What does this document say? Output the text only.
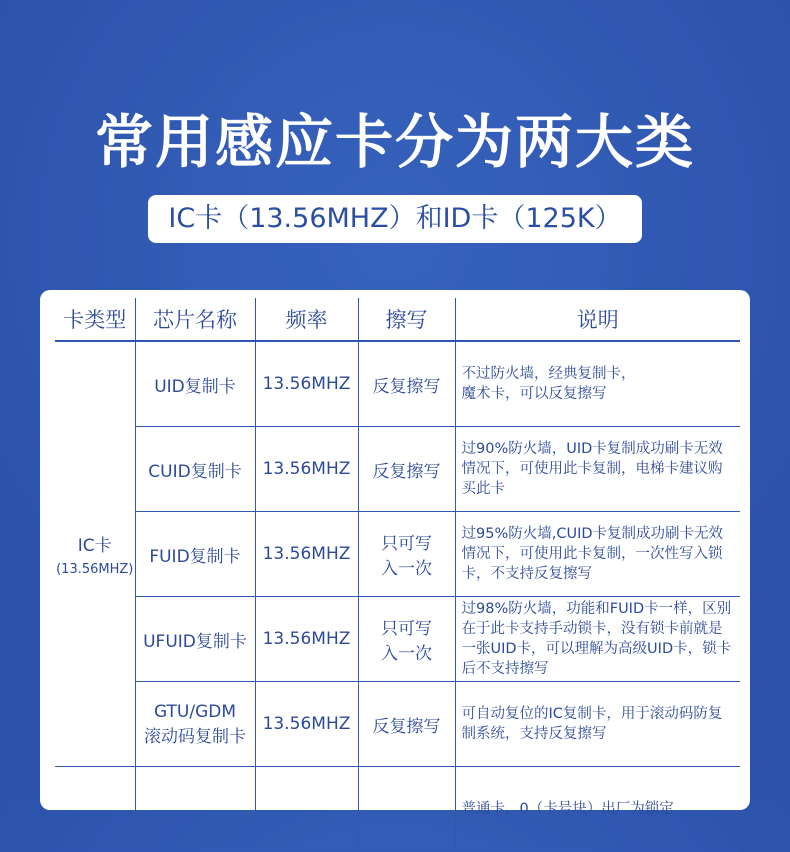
常用感应卡分为两大类
IC卡（13.56MHZ）和ID卡（125K）
卡类型	芯片名称	频率	擦写	说明
IC卡
(13.56MHZ)	UID复制卡	13.56MHZ	反复擦写	不过防火墙，经典复制卡，
魔术卡，可以反复擦写
	CUID复制卡	13.56MHZ	反复擦写	过90%防火墙，UID卡复制成功刷卡无效情况下，可使用此卡复制，电梯卡建议购买此卡
	FUID复制卡	13.56MHZ	只可写
入一次	过95%防火墙,CUID卡复制成功刷卡无效情况下，可使用此卡复制，一次性写入锁卡，不支持反复擦写
	UFUID复制卡	13.56MHZ	只可写
入一次	过98%防火墙，功能和FUID卡一样，区别在于此卡支持手动锁卡，没有锁卡前就是一张UID卡，可以理解为高级UID卡，锁卡后不支持擦写
	GTU/GDM
滚动码复制卡	13.56MHZ	反复擦写	可自动复位的IC复制卡，用于滚动码防复制系统，支持反复擦写
				普通卡，0（卡号块）出厂为锁定
